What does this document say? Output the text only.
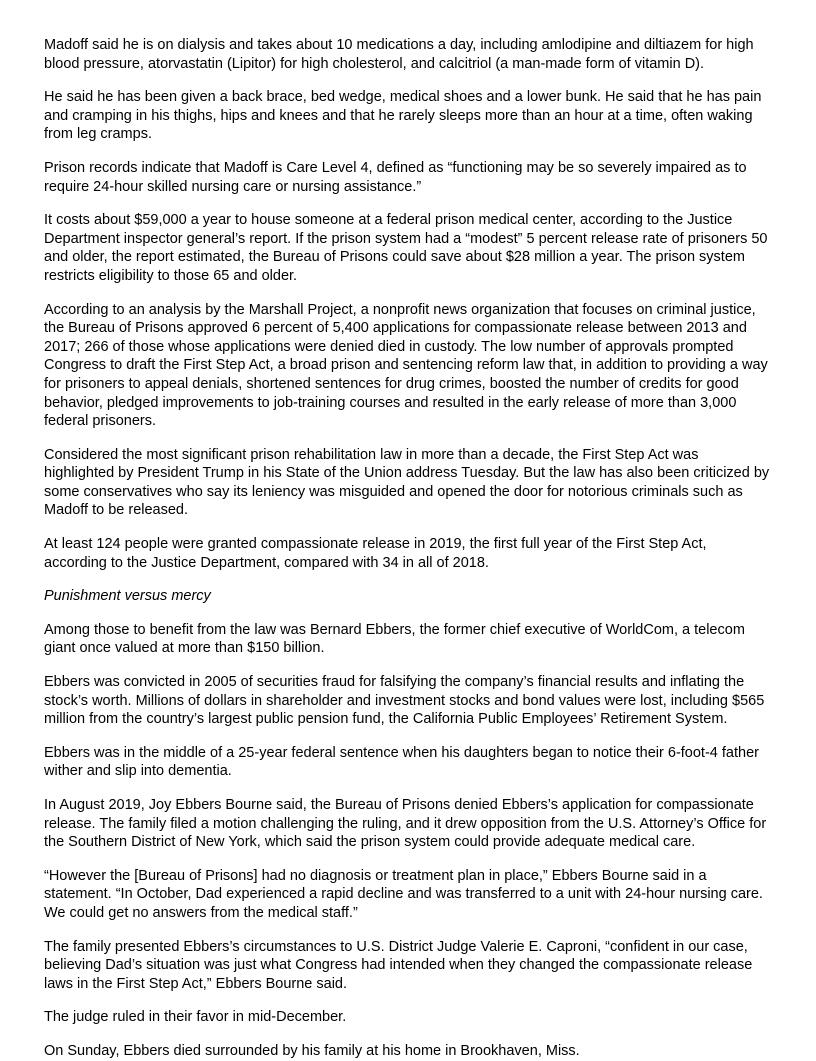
Madoff said he is on dialysis and takes about 10 medications a day, including amlodipine and diltiazem for high blood pressure, atorvastatin (Lipitor) for high cholesterol, and calcitriol (a man-made form of vitamin D).

He said he has been given a back brace, bed wedge, medical shoes and a lower bunk. He said that he has pain and cramping in his thighs, hips and knees and that he rarely sleeps more than an hour at a time, often waking from leg cramps.

Prison records indicate that Madoff is Care Level 4, defined as “functioning may be so severely impaired as to require 24-hour skilled nursing care or nursing assistance.”

It costs about $59,000 a year to house someone at a federal prison medical center, according to the Justice Department inspector general’s report. If the prison system had a “modest” 5 percent release rate of prisoners 50 and older, the report estimated, the Bureau of Prisons could save about $28 million a year. The prison system restricts eligibility to those 65 and older.

According to an analysis by the Marshall Project, a nonprofit news organization that focuses on criminal justice, the Bureau of Prisons approved 6 percent of 5,400 applications for compassionate release between 2013 and 2017; 266 of those whose applications were denied died in custody. The low number of approvals prompted Congress to draft the First Step Act, a broad prison and sentencing reform law that, in addition to providing a way for prisoners to appeal denials, shortened sentences for drug crimes, boosted the number of credits for good behavior, pledged improvements to job-training courses and resulted in the early release of more than 3,000 federal prisoners.

Considered the most significant prison rehabilitation law in more than a decade, the First Step Act was highlighted by President Trump in his State of the Union address Tuesday. But the law has also been criticized by some conservatives who say its leniency was misguided and opened the door for notorious criminals such as Madoff to be released.

At least 124 people were granted compassionate release in 2019, the first full year of the First Step Act, according to the Justice Department, compared with 34 in all of 2018.

Punishment versus mercy

Among those to benefit from the law was Bernard Ebbers, the former chief executive of WorldCom, a telecom giant once valued at more than $150 billion.

Ebbers was convicted in 2005 of securities fraud for falsifying the company’s financial results and inflating the stock’s worth. Millions of dollars in shareholder and investment stocks and bond values were lost, including $565 million from the country’s largest public pension fund, the California Public Employees’ Retirement System.

Ebbers was in the middle of a 25-year federal sentence when his daughters began to notice their 6-foot-4 father wither and slip into dementia.

In August 2019, Joy Ebbers Bourne said, the Bureau of Prisons denied Ebbers’s application for compassionate release. The family filed a motion challenging the ruling, and it drew opposition from the U.S. Attorney’s Office for the Southern District of New York, which said the prison system could provide adequate medical care.

“However the [Bureau of Prisons] had no diagnosis or treatment plan in place,” Ebbers Bourne said in a statement. “In October, Dad experienced a rapid decline and was transferred to a unit with 24-hour nursing care. We could get no answers from the medical staff.”

The family presented Ebbers’s circumstances to U.S. District Judge Valerie E. Caproni, “confident in our case, believing Dad’s situation was just what Congress had intended when they changed the compassionate release laws in the First Step Act,” Ebbers Bourne said.

The judge ruled in their favor in mid-December.

On Sunday, Ebbers died surrounded by his family at his home in Brookhaven, Miss.
